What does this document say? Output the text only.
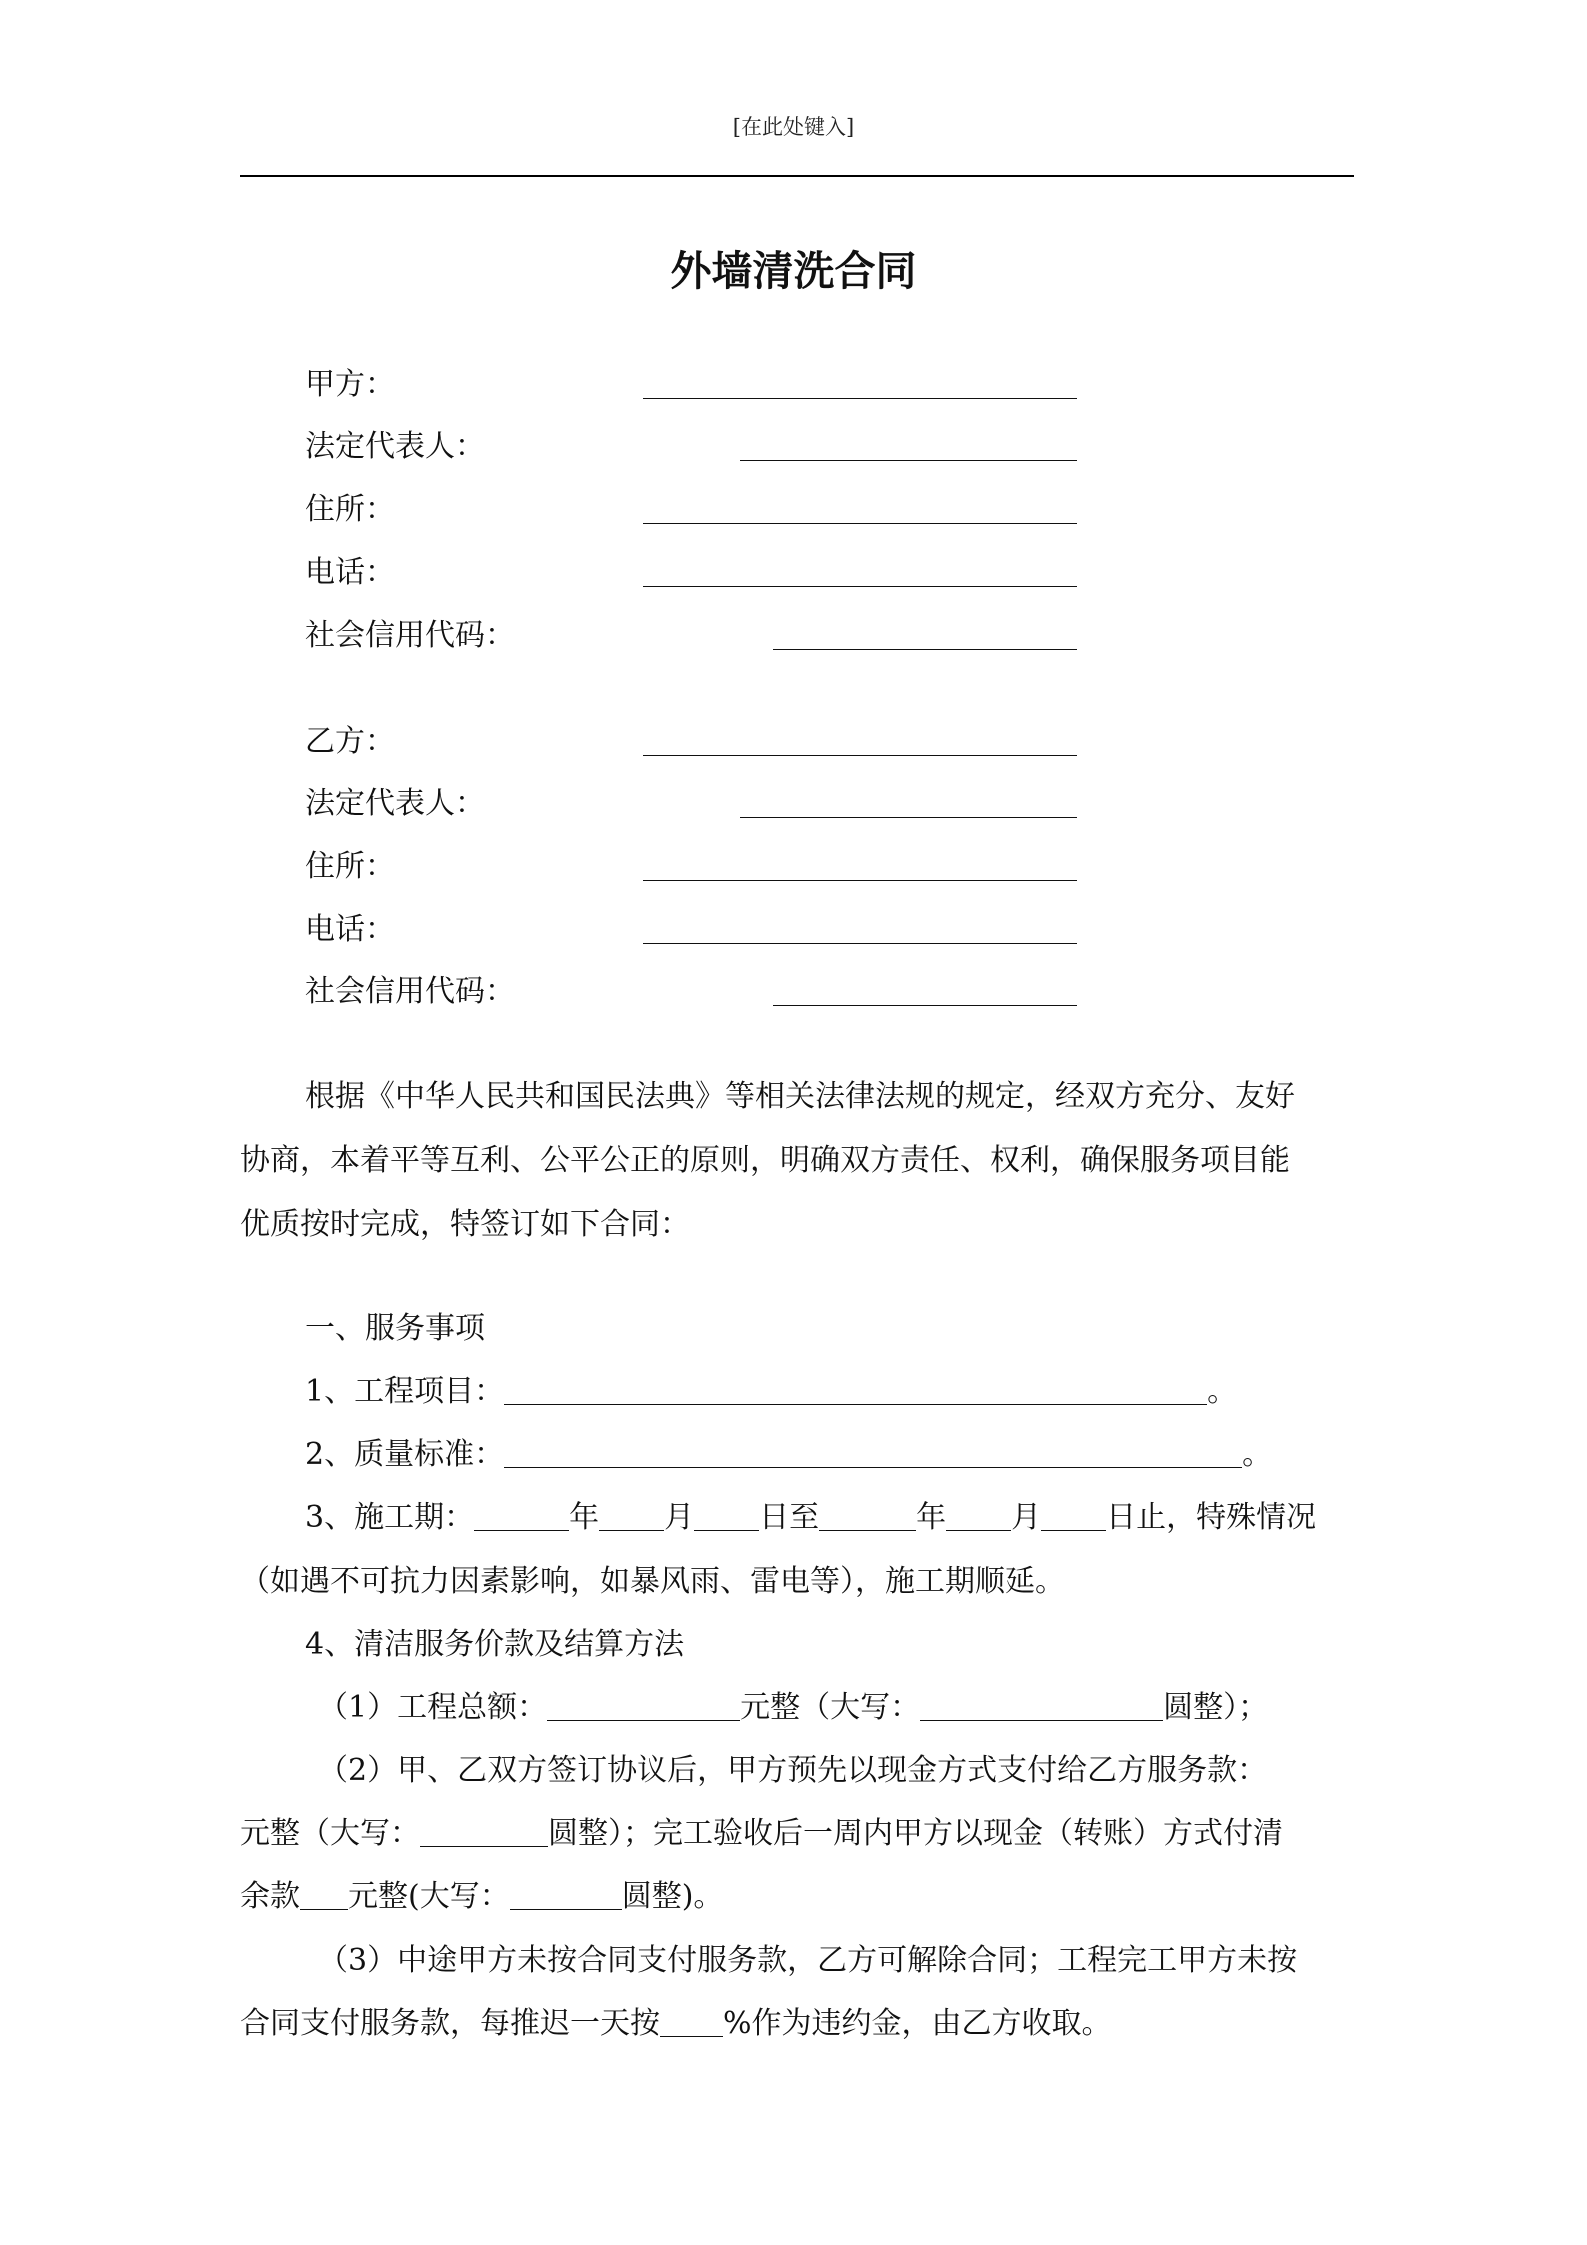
[在此处键入]
外墙清洗合同
甲方：
法定代表人：
住所：
电话：
社会信用代码：
乙方：
法定代表人：
住所：
电话：
社会信用代码：
根据《中华人民共和国民法典》等相关法律法规的规定，经双方充分、友好
协商，本着平等互利、公平公正的原则，明确双方责任、权利，确保服务项目能
优质按时完成，特签订如下合同：
一、服务事项
1、工程项目：	。
2、质量标准：	。
3、施工期：	年 月 日至	年 月 日止，特殊情况
（如遇不可抗力因素影响，如暴风雨、雷电等），施工期顺延。
4、清洁服务价款及结算方法
（1）工程总额：	元整（大写：	圆整）；
（2）甲、乙双方签订协议后，甲方预先以现金方式支付给乙方服务款：
元整（大写：	圆整）；完工验收后一周内甲方以现金（转账）方式付清
余款 元整(大写：	圆整)。
（3）中途甲方未按合同支付服务款，乙方可解除合同；工程完工甲方未按
合同支付服务款，每推迟一天按 %作为违约金，由乙方收取。
